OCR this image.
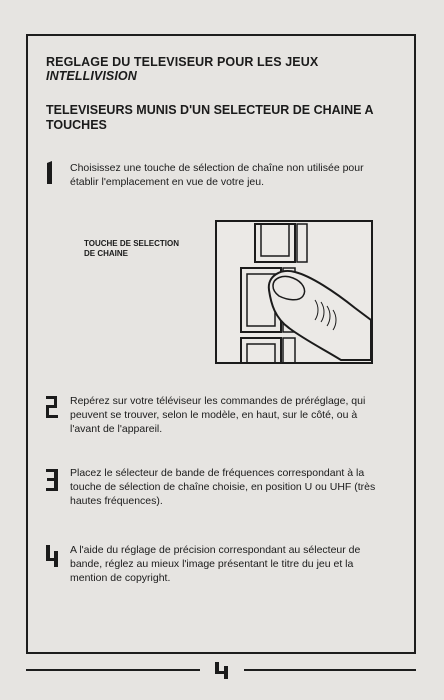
REGLAGE DU TELEVISEUR POUR LES JEUX
INTELLIVISION
TELEVISEURS MUNIS D'UN SELECTEUR DE CHAINE A
TOUCHES
Choisissez une touche de sélection de chaîne non utilisée pour
établir l'emplacement en vue de votre jeu.
TOUCHE DE SELECTION
DE CHAINE
Repérez sur votre téléviseur les commandes de préréglage, qui
peuvent se trouver, selon le modèle, en haut, sur le côté, ou à
l'avant de l'appareil.
Placez le sélecteur de bande de fréquences correspondant à la
touche de sélection de chaîne choisie, en position U ou UHF (très
hautes fréquences).
A l'aide du réglage de précision correspondant au sélecteur de
bande, réglez au mieux l'image présentant le titre du jeu et la
mention de copyright.
